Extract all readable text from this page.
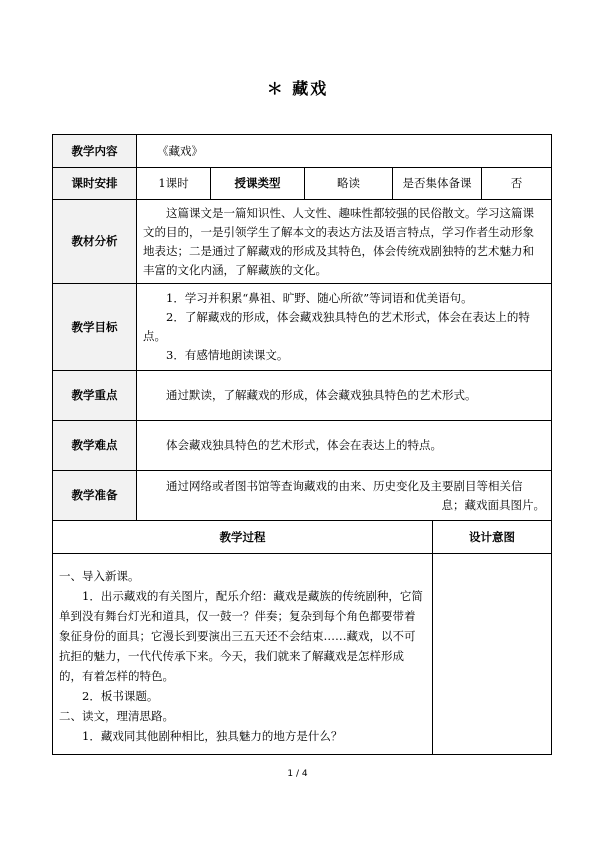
＊ 藏戏
教学内容	《藏戏》					
课时安排	1课时	授课类型	略读	是否集体备课		否
教材分析	这篇课文是一篇知识性、人文性、趣味性都较强的民俗散文。学习这篇课文的目的，一是引领学生了解本文的表达方法及语言特点，学习作者生动形象地表达；二是通过了解藏戏的形成及其特色，体会传统戏剧独特的艺术魅力和丰富的文化内涵，了解藏族的文化。					

教学目标	1．学习并积累“鼻祖、旷野、随心所欲”等词语和优美语句。

2．了解藏戏的形成，体会藏戏独具特色的艺术形式，体会在表达上的特点。

3．有感情地朗读课文。					

教学重点	通过默读，了解藏戏的形成，体会藏戏独具特色的艺术形式。					

教学难点	体会藏戏独具特色的艺术形式，体会在表达上的特点。					

教学准备	通过网络或者图书馆等查询藏戏的由来、历史变化及主要剧目等相关信

息；藏戏面具图片。					

教学过程					设计意图	

一、导入新课。

1．出示藏戏的有关图片，配乐介绍：藏戏是藏族的传统剧种，它简单到没有舞台灯光和道具，仅一鼓一？伴奏；复杂到每个角色都要带着象征身份的面具；它漫长到要演出三五天还不会结束……藏戏，以不可抗拒的魅力，一代代传承下来。今天，我们就来了解藏戏是怎样形成的，有着怎样的特色。

2．板书课题。

二、读文，理清思路。

1．藏戏同其他剧种相比，独具魅力的地方是什么？						

1 / 4
